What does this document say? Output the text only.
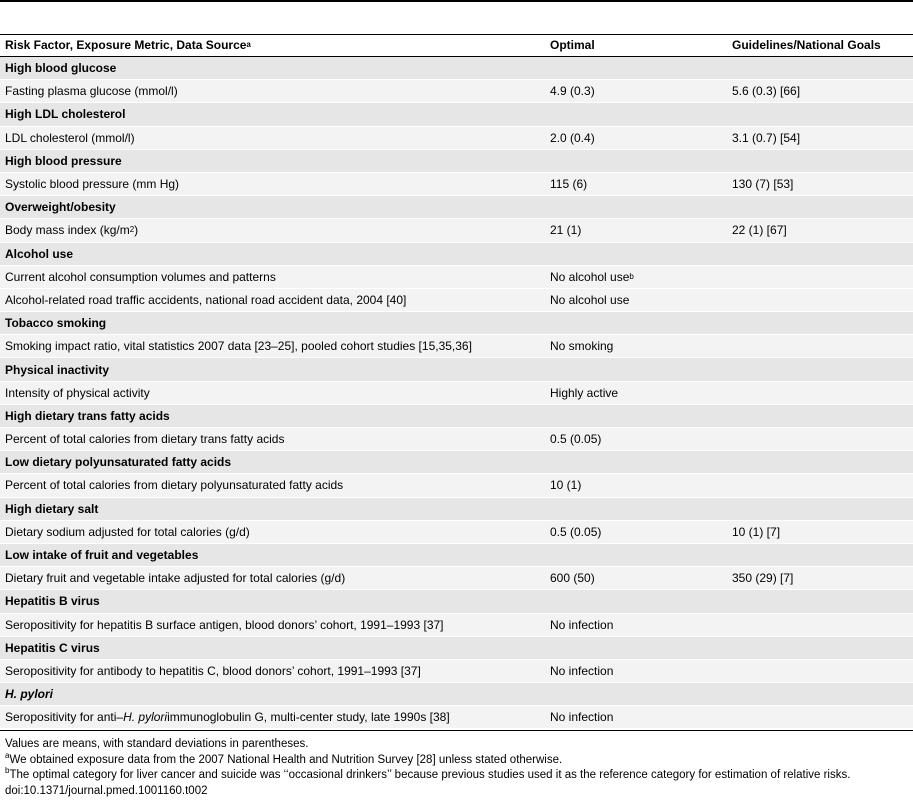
Risk Factor, Exposure Metric, Data Source a	Optimal	Guidelines/National Goals
High blood glucose
Fasting plasma glucose (mmol/l)	4.9 (0.3)	5.6 (0.3) [66]
High LDL cholesterol
LDL cholesterol (mmol/l)	2.0 (0.4)	3.1 (0.7) [54]
High blood pressure
Systolic blood pressure (mm Hg)	115 (6)	130 (7) [53]
Overweight/obesity
Body mass index (kg/m 2 )	21 (1)	22 (1) [67]
Alcohol use
Current alcohol consumption volumes and patterns	No alcohol use b
Alcohol-related road traffic accidents, national road accident data, 2004 [40]	No alcohol use
Tobacco smoking
Smoking impact ratio, vital statistics 2007 data [23–25], pooled cohort studies [15,35,36]	No smoking
Physical inactivity
Intensity of physical activity	Highly active
High dietary trans fatty acids
Percent of total calories from dietary trans fatty acids	0.5 (0.05)
Low dietary polyunsaturated fatty acids
Percent of total calories from dietary polyunsaturated fatty acids	10 (1)
High dietary salt
Dietary sodium adjusted for total calories (g/d)	0.5 (0.05)	10 (1) [7]
Low intake of fruit and vegetables
Dietary fruit and vegetable intake adjusted for total calories (g/d)	600 (50)	350 (29) [7]
Hepatitis B virus
Seropositivity for hepatitis B surface antigen, blood donors’ cohort, 1991–1993 [37]	No infection
Hepatitis C virus
Seropositivity for antibody to hepatitis C, blood donors’ cohort, 1991–1993 [37]	No infection
H. pylori
Seropositivity for anti– H. pylori immunoglobulin G, multi-center study, late 1990s [38]	No infection
Values are means, with standard deviations in parentheses.
$^a$We obtained exposure data from the 2007 National Health and Nutrition Survey [28] unless stated otherwise.
$^b$The optimal category for liver cancer and suicide was ‘‘occasional drinkers’’ because previous studies used it as the reference category for estimation of relative risks.
doi:10.1371/journal.pmed.1001160.t002
